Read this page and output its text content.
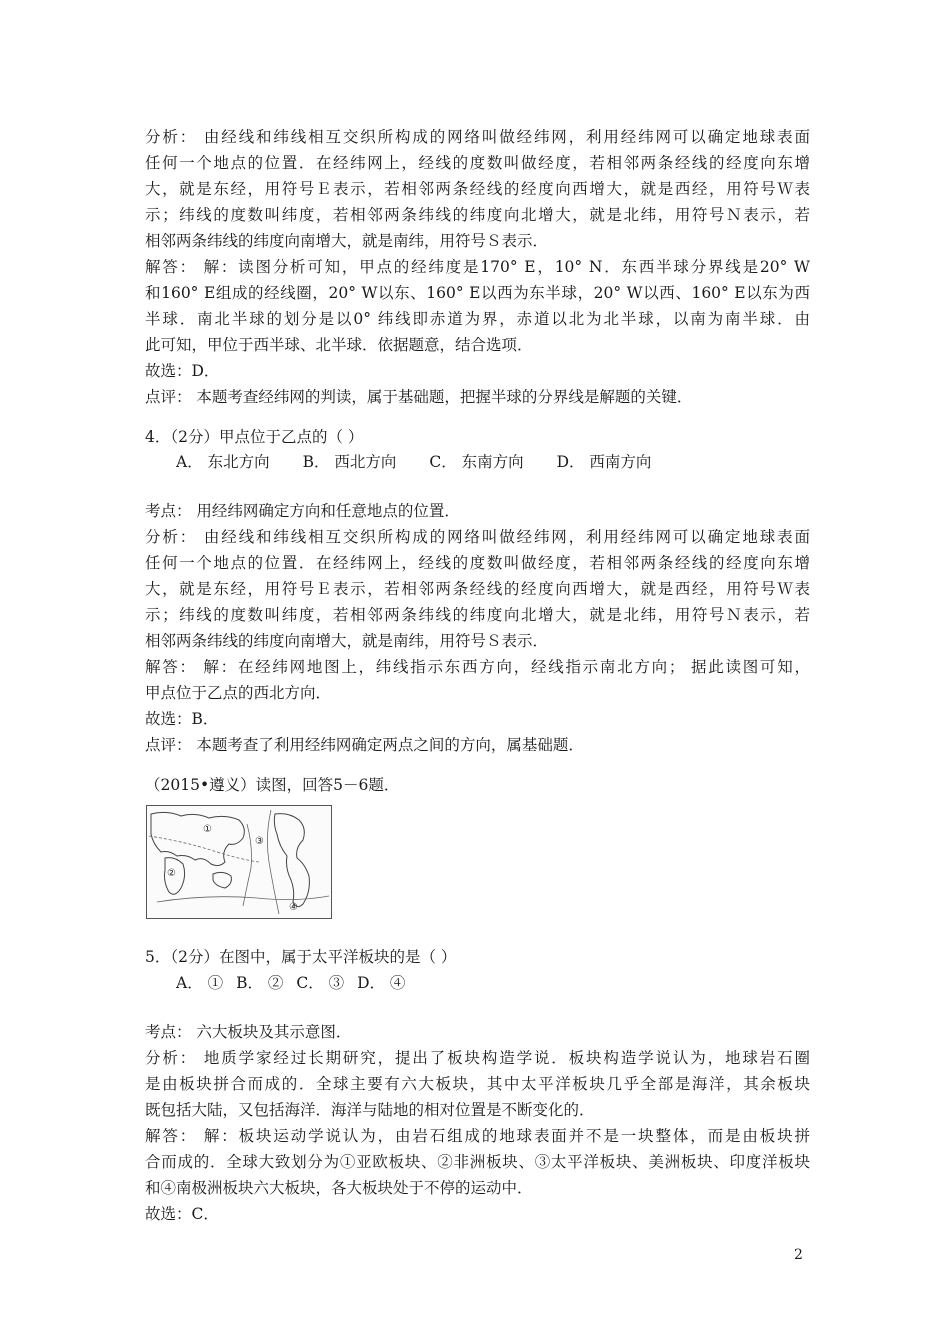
分析： 由经线和纬线相互交织所构成的网络叫做经纬网，利用经纬网可以确定地球表面
任何一个地点的位置．在经纬网上，经线的度数叫做经度，若相邻两条经线的经度向东增
大，就是东经，用符号Ｅ表示，若相邻两条经线的经度向西增大，就是西经，用符号Ｗ表
示；纬线的度数叫纬度，若相邻两条纬线的纬度向北增大，就是北纬，用符号Ｎ表示，若
相邻两条纬线的纬度向南增大，就是南纬，用符号Ｓ表示．
解答： 解：读图分析可知，甲点的经纬度是170° E，10° N．东西半球分界线是20° W
和160° E组成的经线圈，20° W以东、160° E以西为东半球，20° W以西、160° E以东为西
半球．南北半球的划分是以0° 纬线即赤道为界，赤道以北为北半球，以南为南半球．由
此可知，甲位于西半球、北半球．依据题意，结合选项．
故选：D．
点评： 本题考查经纬网的判读，属于基础题，把握半球的分界线是解题的关键．
4．（2分）甲点位于乙点的（ ）
A． 东北方向 B． 西北方向 C． 东南方向 D． 西南方向
考点： 用经纬网确定方向和任意地点的位置．
分析： 由经线和纬线相互交织所构成的网络叫做经纬网，利用经纬网可以确定地球表面
任何一个地点的位置．在经纬网上，经线的度数叫做经度，若相邻两条经线的经度向东增
大，就是东经，用符号Ｅ表示，若相邻两条经线的经度向西增大，就是西经，用符号Ｗ表
示；纬线的度数叫纬度，若相邻两条纬线的纬度向北增大，就是北纬，用符号Ｎ表示，若
相邻两条纬线的纬度向南增大，就是南纬，用符号Ｓ表示．
解答： 解：在经纬网地图上，纬线指示东西方向，经线指示南北方向； 据此读图可知，
甲点位于乙点的西北方向．
故选：B．
点评： 本题考查了利用经纬网确定两点之间的方向，属基础题．
（2015•遵义）读图，回答5－6题．
①
②
③
④
5．（2分）在图中，属于太平洋板块的是（ ）
A． ① B． ② C． ③ D． ④
考点： 六大板块及其示意图．
分析： 地质学家经过长期研究，提出了板块构造学说．板块构造学说认为，地球岩石圈
是由板块拼合而成的．全球主要有六大板块，其中太平洋板块几乎全部是海洋，其余板块
既包括大陆，又包括海洋．海洋与陆地的相对位置是不断变化的．
解答： 解：板块运动学说认为，由岩石组成的地球表面并不是一块整体，而是由板块拼
合而成的．全球大致划分为①亚欧板块、②非洲板块、③太平洋板块、美洲板块、印度洋板块
和④南极洲板块六大板块，各大板块处于不停的运动中．
故选：C．
2
